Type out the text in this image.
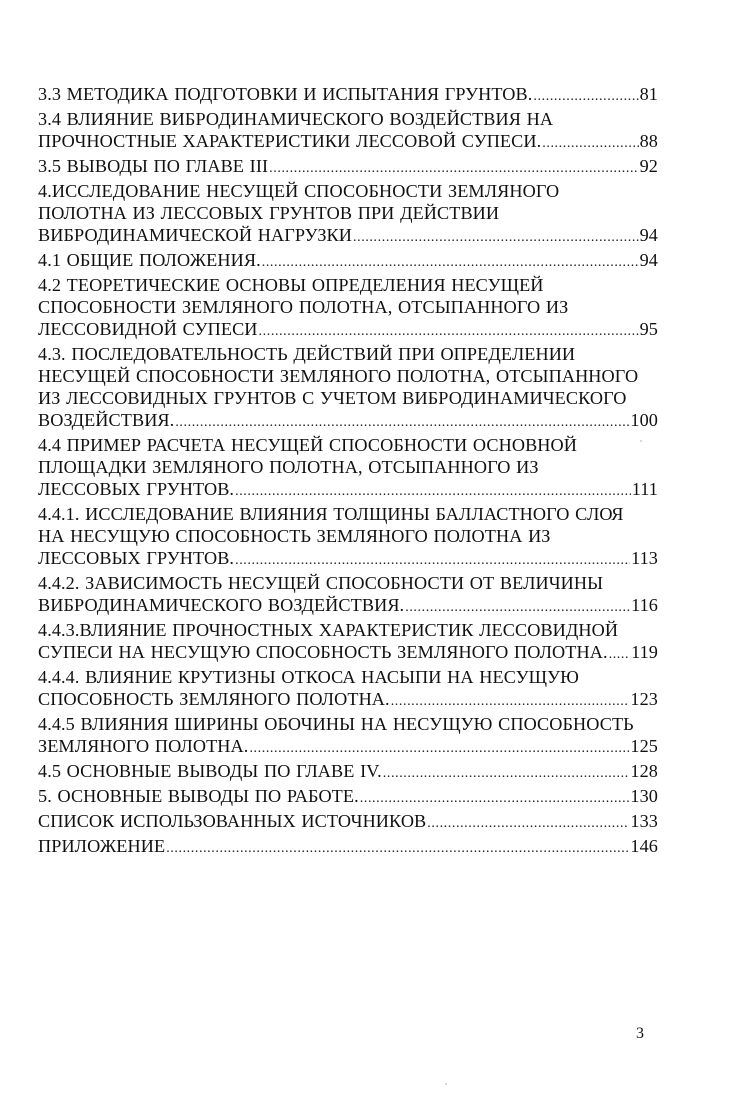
3.3 МЕТОДИКА ПОДГОТОВКИ И ИСПЫТАНИЯ ГРУНТОВ. .....	81
3.4 ВЛИЯНИЕ ВИБРОДИНАМИЧЕСКОГО ВОЗДЕЙСТВИЯ НА
ПРОЧНОСТНЫЕ ХАРАКТЕРИСТИКИ ЛЕССОВОЙ СУПЕСИ. .....	88
3.5 ВЫВОДЫ ПО ГЛАВЕ III .....	92
4.ИССЛЕДОВАНИЕ НЕСУЩЕЙ СПОСОБНОСТИ ЗЕМЛЯНОГО
ПОЛОТНА ИЗ ЛЕССОВЫХ ГРУНТОВ ПРИ ДЕЙСТВИИ
ВИБРОДИНАМИЧЕСКОЙ НАГРУЗКИ .....	94
4.1 ОБЩИЕ ПОЛОЖЕНИЯ. .....	94
4.2 ТЕОРЕТИЧЕСКИЕ ОСНОВЫ ОПРЕДЕЛЕНИЯ НЕСУЩЕЙ
СПОСОБНОСТИ ЗЕМЛЯНОГО ПОЛОТНА, ОТСЫПАННОГО ИЗ
ЛЕССОВИДНОЙ СУПЕСИ .....	95
4.3. ПОСЛЕДОВАТЕЛЬНОСТЬ ДЕЙСТВИЙ ПРИ ОПРЕДЕЛЕНИИ
НЕСУЩЕЙ СПОСОБНОСТИ ЗЕМЛЯНОГО ПОЛОТНА, ОТСЫПАННОГО
ИЗ ЛЕССОВИДНЫХ ГРУНТОВ С УЧЕТОМ ВИБРОДИНАМИЧЕСКОГО
ВОЗДЕЙСТВИЯ. .....	100
4.4 ПРИМЕР РАСЧЕТА НЕСУЩЕЙ СПОСОБНОСТИ ОСНОВНОЙ
ПЛОЩАДКИ ЗЕМЛЯНОГО ПОЛОТНА, ОТСЫПАННОГО ИЗ
ЛЕССОВЫХ ГРУНТОВ. .....	111
4.4.1. ИССЛЕДОВАНИЕ ВЛИЯНИЯ ТОЛЩИНЫ БАЛЛАСТНОГО СЛОЯ
НА НЕСУЩУЮ СПОСОБНОСТЬ ЗЕМЛЯНОГО ПОЛОТНА ИЗ
ЛЕССОВЫХ ГРУНТОВ. .....	113
4.4.2. ЗАВИСИМОСТЬ НЕСУЩЕЙ СПОСОБНОСТИ ОТ ВЕЛИЧИНЫ
ВИБРОДИНАМИЧЕСКОГО ВОЗДЕЙСТВИЯ. .....	116
4.4.3.ВЛИЯНИЕ ПРОЧНОСТНЫХ ХАРАКТЕРИСТИК ЛЕССОВИДНОЙ
СУПЕСИ НА НЕСУЩУЮ СПОСОБНОСТЬ ЗЕМЛЯНОГО ПОЛОТНА. ..... 119
4.4.4. ВЛИЯНИЕ КРУТИЗНЫ ОТКОСА НАСЫПИ НА НЕСУЩУЮ
СПОСОБНОСТЬ ЗЕМЛЯНОГО ПОЛОТНА. .....	123
4.4.5 ВЛИЯНИЯ ШИРИНЫ ОБОЧИНЫ НА НЕСУЩУЮ СПОСОБНОСТЬ
ЗЕМЛЯНОГО ПОЛОТНА. .....	125
4.5 ОСНОВНЫЕ ВЫВОДЫ ПО ГЛАВЕ IV. .....	128
5. ОСНОВНЫЕ ВЫВОДЫ ПО РАБОТЕ. .....	130
СПИСОК ИСПОЛЬЗОВАННЫХ ИСТОЧНИКОВ .....	133
ПРИЛОЖЕНИЕ .....	146
3
